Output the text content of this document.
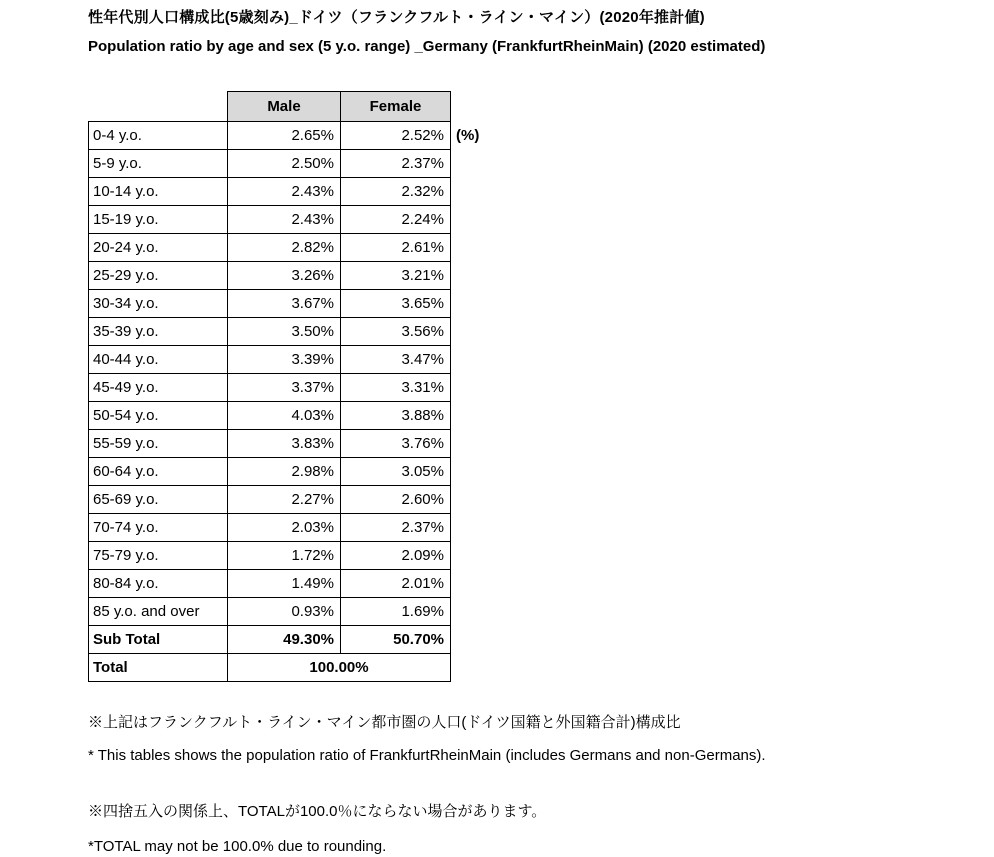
性年代別人口構成比(5歳刻み)_ドイツ（フランクフルト・ライン・マイン）(2020年推計値)
Population ratio by age and sex (5 y.o. range) _Germany (FrankfurtRheinMain) (2020 estimated)
	Male	Female
0-4 y.o.	2.65%	2.52%
5-9 y.o.	2.50%	2.37%
10-14 y.o.	2.43%	2.32%
15-19 y.o.	2.43%	2.24%
20-24 y.o.	2.82%	2.61%
25-29 y.o.	3.26%	3.21%
30-34 y.o.	3.67%	3.65%
35-39 y.o.	3.50%	3.56%
40-44 y.o.	3.39%	3.47%
45-49 y.o.	3.37%	3.31%
50-54 y.o.	4.03%	3.88%
55-59 y.o.	3.83%	3.76%
60-64 y.o.	2.98%	3.05%
65-69 y.o.	2.27%	2.60%
70-74 y.o.	2.03%	2.37%
75-79 y.o.	1.72%	2.09%
80-84 y.o.	1.49%	2.01%
85 y.o. and over	0.93%	1.69%
Sub Total	49.30%	50.70%
Total	100.00%	
(%)

※上記はフランクフルト・ライン・マイン都市圏の人口(ドイツ国籍と外国籍合計)構成比

* This tables shows the population ratio of FrankfurtRheinMain (includes Germans and non-Germans).

※四捨五入の関係上、TOTALが100.0％にならない場合があります。

*TOTAL may not be 100.0% due to rounding.
